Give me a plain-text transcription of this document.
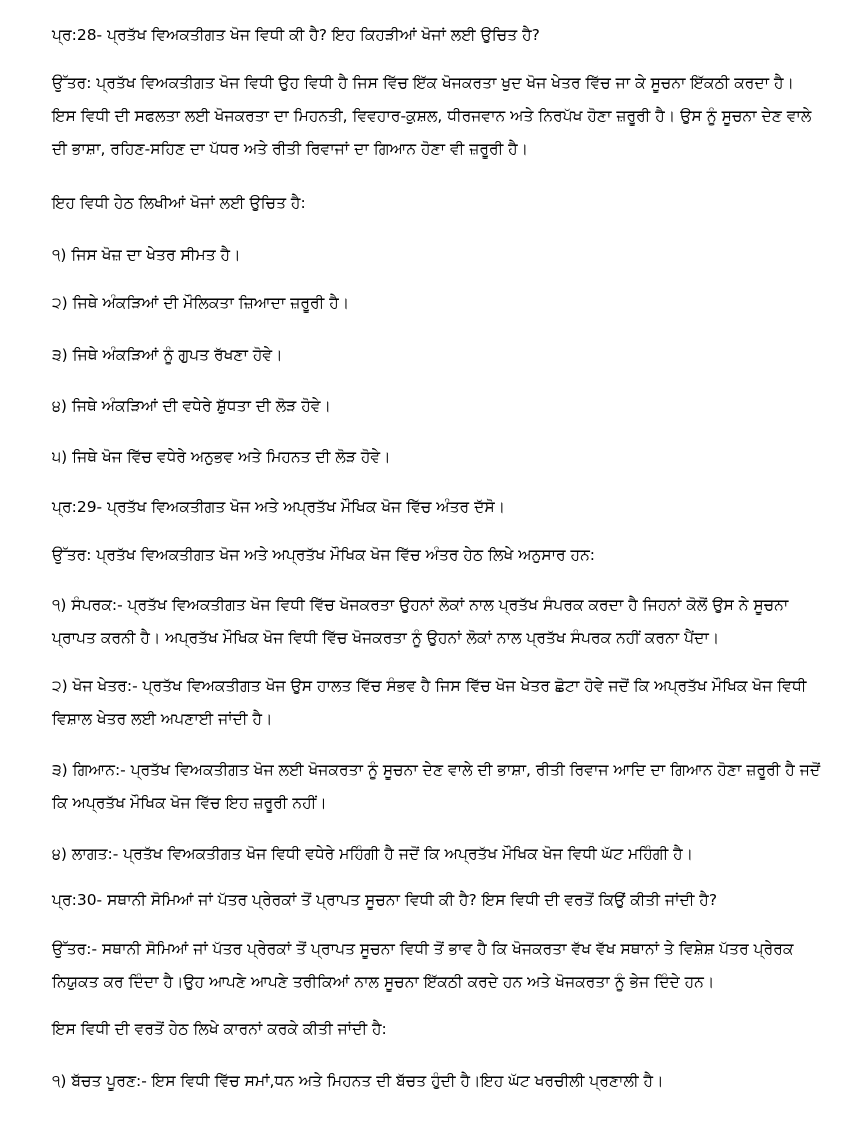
ਪ੍ਰ:28- ਪ੍ਰਤੱਖ ਵਿਅਕਤੀਗਤ ਖੋਜ ਵਿਧੀ ਕੀ ਹੈ? ਇਹ ਕਿਹੜੀਆਂ ਖੋਜਾਂ ਲਈ ਉਚਿਤ ਹੈ?

ਉੱਤਰ: ਪ੍ਰਤੱਖ ਵਿਅਕਤੀਗਤ ਖੋਜ ਵਿਧੀ ਉਹ ਵਿਧੀ ਹੈ ਜਿਸ ਵਿੱਚ ਇੱਕ ਖੋਜਕਰਤਾ ਖੁਦ ਖੋਜ ਖੇਤਰ ਵਿੱਚ ਜਾ ਕੇ ਸੂਚਨਾ ਇੱਕਠੀ ਕਰਦਾ ਹੈ। ਇਸ ਵਿਧੀ ਦੀ ਸਫਲਤਾ ਲਈ ਖੋਜਕਰਤਾ ਦਾ ਮਿਹਨਤੀ, ਵਿਵਹਾਰ-ਕੁਸ਼ਲ, ਧੀਰਜਵਾਨ ਅਤੇ ਨਿਰਪੱਖ ਹੋਣਾ ਜ਼ਰੂਰੀ ਹੈ। ਉਸ ਨੂੰ ਸੂਚਨਾ ਦੇਣ ਵਾਲੇ ਦੀ ਭਾਸ਼ਾ, ਰਹਿਣ-ਸਹਿਣ ਦਾ ਪੱਧਰ ਅਤੇ ਰੀਤੀ ਰਿਵਾਜਾਂ ਦਾ ਗਿਆਨ ਹੋਣਾ ਵੀ ਜ਼ਰੂਰੀ ਹੈ।

ਇਹ ਵਿਧੀ ਹੇਠ ਲਿਖੀਆਂ ਖੋਜਾਂ ਲਈ ਉਚਿਤ ਹੈ:

੧) ਜਿਸ ਖੋਜ਼ ਦਾ ਖੇਤਰ ਸੀਮਤ ਹੈ।

੨) ਜਿਥੇ ਅੰਕੜਿਆਂ ਦੀ ਮੌਲਿਕਤਾ ਜ਼ਿਆਦਾ ਜ਼ਰੂਰੀ ਹੈ।

੩) ਜਿਥੇ ਅੰਕੜਿਆਂ ਨੂੰ ਗੁਪਤ ਰੱਖਣਾ ਹੋਵੇ।

੪) ਜਿਥੇ ਅੰਕੜਿਆਂ ਦੀ ਵਧੇਰੇ ਸ਼ੁੱਧਤਾ ਦੀ ਲੋੜ ਹੋਵੇ।

੫) ਜਿਥੇ ਖੋਜ ਵਿੱਚ ਵਧੇਰੇ ਅਨੁਭਵ ਅਤੇ ਮਿਹਨਤ ਦੀ ਲੋੜ ਹੋਵੇ।

ਪ੍ਰ:29- ਪ੍ਰਤੱਖ ਵਿਅਕਤੀਗਤ ਖੋਜ ਅਤੇ ਅਪ੍ਰਤੱਖ ਮੌਖਿਕ ਖੋਜ ਵਿੱਚ ਅੰਤਰ ਦੱਸੋ।

ਉੱਤਰ: ਪ੍ਰਤੱਖ ਵਿਅਕਤੀਗਤ ਖੋਜ ਅਤੇ ਅਪ੍ਰਤੱਖ ਮੌਖਿਕ ਖੋਜ ਵਿੱਚ ਅੰਤਰ ਹੇਠ ਲਿਖੇ ਅਨੁਸਾਰ ਹਨ:

੧) ਸੰਪਰਕ:- ਪ੍ਰਤੱਖ ਵਿਅਕਤੀਗਤ ਖੋਜ ਵਿਧੀ ਵਿੱਚ ਖੋਜਕਰਤਾ ਉਹਨਾਂ ਲੋਕਾਂ ਨਾਲ ਪ੍ਰਤੱਖ ਸੰਪਰਕ ਕਰਦਾ ਹੈ ਜਿਹਨਾਂ ਕੋਲੋਂ ਉਸ ਨੇ ਸੂਚਨਾ ਪ੍ਰਾਪਤ ਕਰਨੀ ਹੈ। ਅਪ੍ਰਤੱਖ ਮੌਖਿਕ ਖੋਜ ਵਿਧੀ ਵਿੱਚ ਖੋਜਕਰਤਾ ਨੂੰ ਉਹਨਾਂ ਲੋਕਾਂ ਨਾਲ ਪ੍ਰਤੱਖ ਸੰਪਰਕ ਨਹੀਂ ਕਰਨਾ ਪੈਂਦਾ।

੨) ਖੋਜ ਖੇਤਰ:- ਪ੍ਰਤੱਖ ਵਿਅਕਤੀਗਤ ਖੋਜ ਉਸ ਹਾਲਤ ਵਿੱਚ ਸੰਭਵ ਹੈ ਜਿਸ ਵਿੱਚ ਖੋਜ ਖੇਤਰ ਛੋਟਾ ਹੋਵੇ ਜਦੋਂ ਕਿ ਅਪ੍ਰਤੱਖ ਮੌਖਿਕ ਖੋਜ ਵਿਧੀ ਵਿਸ਼ਾਲ ਖੇਤਰ ਲਈ ਅਪਣਾਈ ਜਾਂਦੀ ਹੈ।

੩) ਗਿਆਨ:- ਪ੍ਰਤੱਖ ਵਿਅਕਤੀਗਤ ਖੋਜ ਲਈ ਖੋਜਕਰਤਾ ਨੂੰ ਸੂਚਨਾ ਦੇਣ ਵਾਲੇ ਦੀ ਭਾਸ਼ਾ, ਰੀਤੀ ਰਿਵਾਜ ਆਦਿ ਦਾ ਗਿਆਨ ਹੋਣਾ ਜ਼ਰੂਰੀ ਹੈ ਜਦੋਂ ਕਿ ਅਪ੍ਰਤੱਖ ਮੌਖਿਕ ਖੋਜ ਵਿੱਚ ਇਹ ਜ਼ਰੂਰੀ ਨਹੀਂ।

੪) ਲਾਗਤ:- ਪ੍ਰਤੱਖ ਵਿਅਕਤੀਗਤ ਖੋਜ ਵਿਧੀ ਵਧੇਰੇ ਮਹਿੰਗੀ ਹੈ ਜਦੋਂ ਕਿ ਅਪ੍ਰਤੱਖ ਮੌਖਿਕ ਖੋਜ ਵਿਧੀ ਘੱਟ ਮਹਿੰਗੀ ਹੈ।

ਪ੍ਰ:30- ਸਥਾਨੀ ਸੋਮਿਆਂ ਜਾਂ ਪੱਤਰ ਪ੍ਰੇਰਕਾਂ ਤੋਂ ਪ੍ਰਾਪਤ ਸੂਚਨਾ ਵਿਧੀ ਕੀ ਹੈ? ਇਸ ਵਿਧੀ ਦੀ ਵਰਤੋਂ ਕਿਉਂ ਕੀਤੀ ਜਾਂਦੀ ਹੈ?

ਉੱਤਰ:- ਸਥਾਨੀ ਸੋਮਿਆਂ ਜਾਂ ਪੱਤਰ ਪ੍ਰੇਰਕਾਂ ਤੋਂ ਪ੍ਰਾਪਤ ਸੂਚਨਾ ਵਿਧੀ ਤੋਂ ਭਾਵ ਹੈ ਕਿ ਖੋਜਕਰਤਾ ਵੱਖ ਵੱਖ ਸਥਾਨਾਂ ਤੇ ਵਿਸ਼ੇਸ਼ ਪੱਤਰ ਪ੍ਰੇਰਕ ਨਿਯੁਕਤ ਕਰ ਦਿੰਦਾ ਹੈ।ਉਹ ਆਪਣੇ ਆਪਣੇ ਤਰੀਕਿਆਂ ਨਾਲ ਸੂਚਨਾ ਇੱਕਠੀ ਕਰਦੇ ਹਨ ਅਤੇ ਖੋਜਕਰਤਾ ਨੂੰ ਭੇਜ ਦਿੰਦੇ ਹਨ।

ਇਸ ਵਿਧੀ ਦੀ ਵਰਤੋਂ ਹੇਠ ਲਿਖੇ ਕਾਰਨਾਂ ਕਰਕੇ ਕੀਤੀ ਜਾਂਦੀ ਹੈ:

੧) ਬੱਚਤ ਪੂਰਣ:- ਇਸ ਵਿਧੀ ਵਿੱਚ ਸਮਾਂ,ਧਨ ਅਤੇ ਮਿਹਨਤ ਦੀ ਬੱਚਤ ਹੁੰਦੀ ਹੈ।ਇਹ ਘੱਟ ਖਰਚੀਲੀ ਪ੍ਰਣਾਲੀ ਹੈ।
